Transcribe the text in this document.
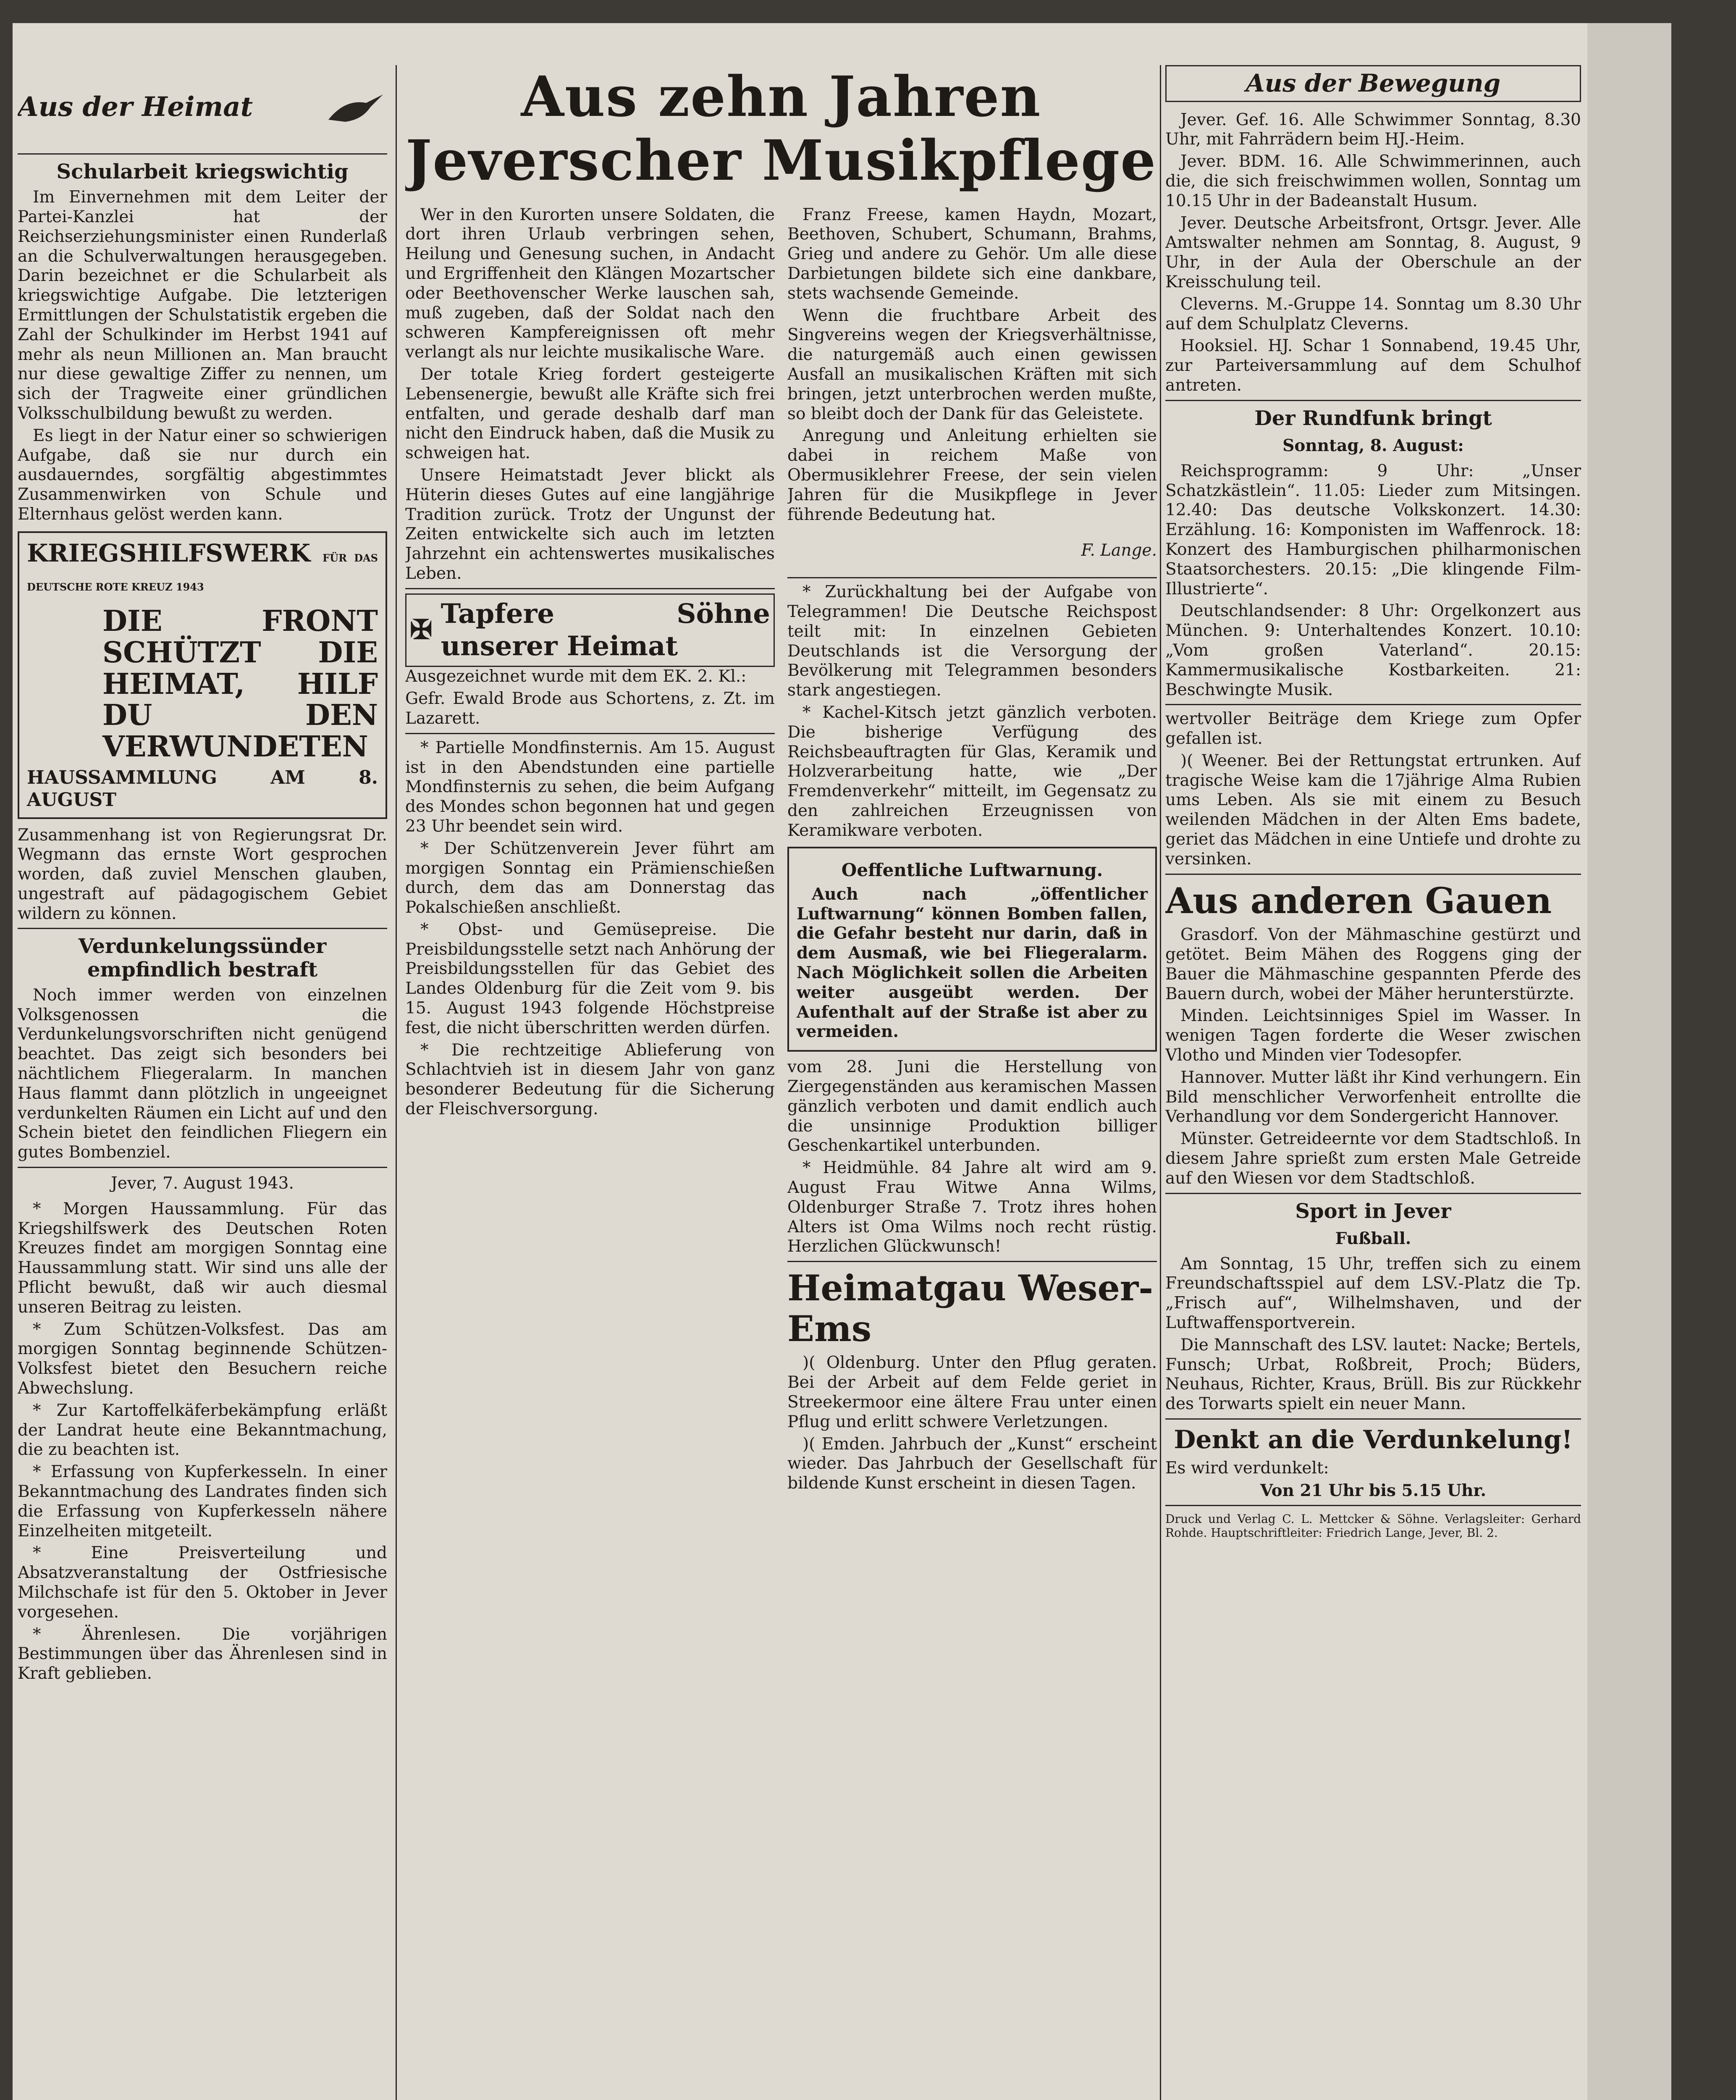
Aus der Heimat
Schularbeit kriegswichtig

Im Einvernehmen mit dem Leiter der Partei-Kanzlei hat der Reichserziehungsminister einen Runderlaß an die Schulverwaltungen herausgegeben. Darin bezeichnet er die Schularbeit als kriegswichtige Aufgabe. Die letzterigen Ermittlungen der Schulstatistik ergeben die Zahl der Schulkinder im Herbst 1941 auf mehr als neun Millionen an. Man braucht nur diese gewaltige Ziffer zu nennen, um sich der Tragweite einer gründlichen Volksschulbildung bewußt zu werden.

Es liegt in der Natur einer so schwierigen Aufgabe, daß sie nur durch ein ausdauerndes, sorgfältig abgestimmtes Zusammenwirken von Schule und Elternhaus gelöst werden kann.

KRIEGSHILFSWERK FÜR DAS DEUTSCHE ROTE KREUZ 1943
DIE FRONT SCHÜTZT DIE HEIMAT, HILF DU DEN VERWUNDETEN
HAUSSAMMLUNG AM 8. AUGUST

Zusammenhang ist von Regierungsrat Dr. Wegmann das ernste Wort gesprochen worden, daß zuviel Menschen glauben, ungestraft auf pädagogischem Gebiet wildern zu können.

Verdunkelungssünder empfindlich bestraft

Noch immer werden von einzelnen Volksgenossen die Verdunkelungsvorschriften nicht genügend beachtet. Das zeigt sich besonders bei nächtlichem Fliegeralarm. In manchen Haus flammt dann plötzlich in ungeeignet verdunkelten Räumen ein Licht auf und den Schein bietet den feindlichen Fliegern ein gutes Bombenziel.

Jever, 7. August 1943.

* Morgen Haussammlung. Für das Kriegshilfswerk des Deutschen Roten Kreuzes findet am morgigen Sonntag eine Haussammlung statt. Wir sind uns alle der Pflicht bewußt, daß wir auch diesmal unseren Beitrag zu leisten.

* Zum Schützen-Volksfest. Das am morgigen Sonntag beginnende Schützen-Volksfest bietet den Besuchern reiche Abwechslung.

* Zur Kartoffelkäferbekämpfung erläßt der Landrat heute eine Bekanntmachung, die zu beachten ist.

* Erfassung von Kupferkesseln. In einer Bekanntmachung des Landrates finden sich die Erfassung von Kupferkesseln nähere Einzelheiten mitgeteilt.

* Eine Preisverteilung und Absatzveranstaltung der Ostfriesische Milchschafe ist für den 5. Oktober in Jever vorgesehen.

* Ährenlesen. Die vorjährigen Bestimmungen über das Ährenlesen sind in Kraft geblieben.

Aus zehn Jahren Jeverscher Musikpflege

Wer in den Kurorten unsere Soldaten, die dort ihren Urlaub verbringen sehen, Heilung und Genesung suchen, in Andacht und Ergriffenheit den Klängen Mozartscher oder Beethovenscher Werke lauschen sah, muß zugeben, daß der Soldat nach den schweren Kampfereignissen oft mehr verlangt als nur leichte musikalische Ware.

Der totale Krieg fordert gesteigerte Lebensenergie, bewußt alle Kräfte sich frei entfalten, und gerade deshalb darf man nicht den Eindruck haben, daß die Musik zu schweigen hat.

Unsere Heimatstadt Jever blickt als Hüterin dieses Gutes auf eine langjährige Tradition zurück. Trotz der Ungunst der Zeiten entwickelte sich auch im letzten Jahrzehnt ein achtenswertes musikalisches Leben.

✠
Tapfere Söhne unserer Heimat

Ausgezeichnet wurde mit dem EK. 2. Kl.:

Gefr. Ewald Brode aus Schortens, z. Zt. im Lazarett.

* Partielle Mondfinsternis. Am 15. August ist in den Abendstunden eine partielle Mondfinsternis zu sehen, die beim Aufgang des Mondes schon begonnen hat und gegen 23 Uhr beendet sein wird.

* Der Schützenverein Jever führt am morgigen Sonntag ein Prämienschießen durch, dem das am Donnerstag das Pokalschießen anschließt.

* Obst- und Gemüsepreise. Die Preisbildungsstelle setzt nach Anhörung der Preisbildungsstellen für das Gebiet des Landes Oldenburg für die Zeit vom 9. bis 15. August 1943 folgende Höchstpreise fest, die nicht überschritten werden dürfen.

* Die rechtzeitige Ablieferung von Schlachtvieh ist in diesem Jahr von ganz besonderer Bedeutung für die Sicherung der Fleischversorgung.

Franz Freese, kamen Haydn, Mozart, Beethoven, Schubert, Schumann, Brahms, Grieg und andere zu Gehör. Um alle diese Darbietungen bildete sich eine dankbare, stets wachsende Gemeinde.

Wenn die fruchtbare Arbeit des Singvereins wegen der Kriegsverhältnisse, die naturgemäß auch einen gewissen Ausfall an musikalischen Kräften mit sich bringen, jetzt unterbrochen werden mußte, so bleibt doch der Dank für das Geleistete.

Anregung und Anleitung erhielten sie dabei in reichem Maße von Obermusiklehrer Freese, der sein vielen Jahren für die Musikpflege in Jever führende Bedeutung hat.

F. Lange.

* Zurückhaltung bei der Aufgabe von Telegrammen! Die Deutsche Reichspost teilt mit: In einzelnen Gebieten Deutschlands ist die Versorgung der Bevölkerung mit Telegrammen besonders stark angestiegen.

* Kachel-Kitsch jetzt gänzlich verboten. Die bisherige Verfügung des Reichsbeauftragten für Glas, Keramik und Holzverarbeitung hatte, wie „Der Fremdenverkehr“ mitteilt, im Gegensatz zu den zahlreichen Erzeugnissen von Keramikware verboten.

Oeffentliche Luftwarnung.

Auch nach „öffentlicher Luftwarnung“ können Bomben fallen, die Gefahr besteht nur darin, daß in dem Ausmaß, wie bei Fliegeralarm. Nach Möglichkeit sollen die Arbeiten weiter ausgeübt werden. Der Aufenthalt auf der Straße ist aber zu vermeiden.

vom 28. Juni die Herstellung von Ziergegenständen aus keramischen Massen gänzlich verboten und damit endlich auch die unsinnige Produktion billiger Geschenkartikel unterbunden.

* Heidmühle. 84 Jahre alt wird am 9. August Frau Witwe Anna Wilms, Oldenburger Straße 7. Trotz ihres hohen Alters ist Oma Wilms noch recht rüstig. Herzlichen Glückwunsch!

Heimatgau Weser-Ems

)( Oldenburg. Unter den Pflug geraten. Bei der Arbeit auf dem Felde geriet in Streekermoor eine ältere Frau unter einen Pflug und erlitt schwere Verletzungen.

)( Emden. Jahrbuch der „Kunst“ erscheint wieder. Das Jahrbuch der Gesellschaft für bildende Kunst erscheint in diesen Tagen.

Aus der Bewegung

Jever. Gef. 16. Alle Schwimmer Sonntag, 8.30 Uhr, mit Fahrrädern beim HJ.-Heim.

Jever. BDM. 16. Alle Schwimmerinnen, auch die, die sich freischwimmen wollen, Sonntag um 10.15 Uhr in der Badeanstalt Husum.

Jever. Deutsche Arbeitsfront, Ortsgr. Jever. Alle Amtswalter nehmen am Sonntag, 8. August, 9 Uhr, in der Aula der Oberschule an der Kreisschulung teil.

Cleverns. M.-Gruppe 14. Sonntag um 8.30 Uhr auf dem Schulplatz Cleverns.

Hooksiel. HJ. Schar 1 Sonnabend, 19.45 Uhr, zur Parteiversammlung auf dem Schulhof antreten.

Der Rundfunk bringt
Sonntag, 8. August:

Reichsprogramm: 9 Uhr: „Unser Schatzkästlein“. 11.05: Lieder zum Mitsingen. 12.40: Das deutsche Volkskonzert. 14.30: Erzählung. 16: Komponisten im Waffenrock. 18: Konzert des Hamburgischen philharmonischen Staatsorchesters. 20.15: „Die klingende Film-Illustrierte“.

Deutschlandsender: 8 Uhr: Orgelkonzert aus München. 9: Unterhaltendes Konzert. 10.10: „Vom großen Vaterland“. 20.15: Kammermusikalische Kostbarkeiten. 21: Beschwingte Musik.

wertvoller Beiträge dem Kriege zum Opfer gefallen ist.

)( Weener. Bei der Rettungstat ertrunken. Auf tragische Weise kam die 17jährige Alma Rubien ums Leben. Als sie mit einem zu Besuch weilenden Mädchen in der Alten Ems badete, geriet das Mädchen in eine Untiefe und drohte zu versinken.

Aus anderen Gauen

Grasdorf. Von der Mähmaschine gestürzt und getötet. Beim Mähen des Roggens ging der Bauer die Mähmaschine gespannten Pferde des Bauern durch, wobei der Mäher herunterstürzte.

Minden. Leichtsinniges Spiel im Wasser. In wenigen Tagen forderte die Weser zwischen Vlotho und Minden vier Todesopfer.

Hannover. Mutter läßt ihr Kind verhungern. Ein Bild menschlicher Verworfenheit entrollte die Verhandlung vor dem Sondergericht Hannover.

Münster. Getreideernte vor dem Stadtschloß. In diesem Jahre sprießt zum ersten Male Getreide auf den Wiesen vor dem Stadtschloß.

Sport in Jever
Fußball.

Am Sonntag, 15 Uhr, treffen sich zu einem Freundschaftsspiel auf dem LSV.-Platz die Tp. „Frisch auf“, Wilhelmshaven, und der Luftwaffensportverein.

Die Mannschaft des LSV. lautet: Nacke; Bertels, Funsch; Urbat, Roßbreit, Proch; Büders, Neuhaus, Richter, Kraus, Brüll. Bis zur Rückkehr des Torwarts spielt ein neuer Mann.

Denkt an die Verdunkelung!

Es wird verdunkelt:

Von 21 Uhr bis 5.15 Uhr.

Druck und Verlag C. L. Mettcker & Söhne. Verlagsleiter: Gerhard Rohde. Hauptschriftleiter: Friedrich Lange, Jever, Bl. 2.
